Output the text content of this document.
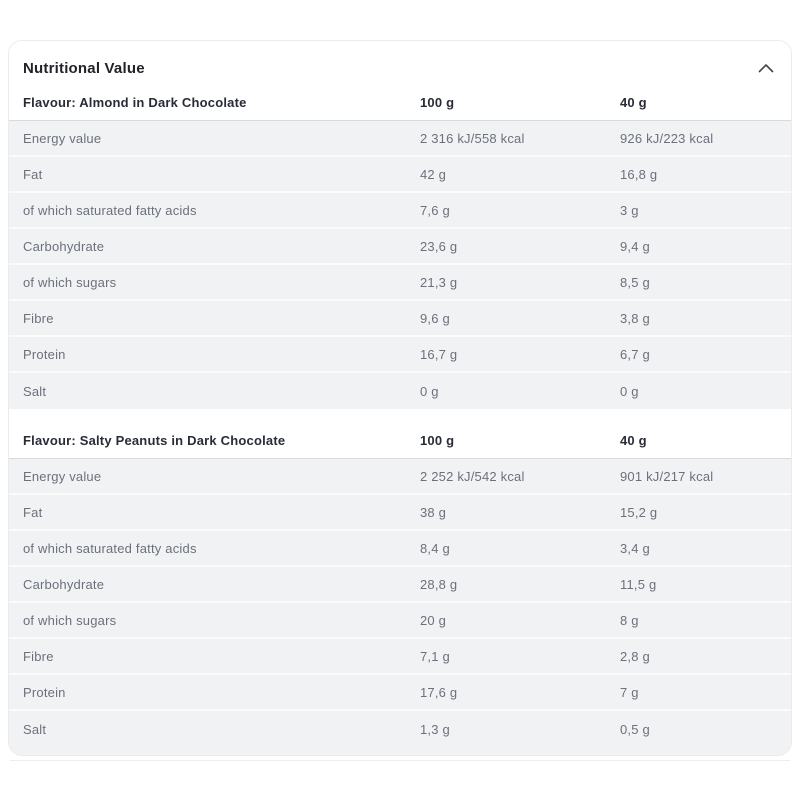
Nutritional Value
Flavour: Almond in Dark Chocolate	100 g	40 g
Energy value	2 316 kJ/558 kcal	926 kJ/223 kcal
Fat	42 g	16,8 g
of which saturated fatty acids	7,6 g	3 g
Carbohydrate	23,6 g	9,4 g
of which sugars	21,3 g	8,5 g
Fibre	9,6 g	3,8 g
Protein	16,7 g	6,7 g
Salt	0 g	0 g
Flavour: Salty Peanuts in Dark Chocolate	100 g	40 g
Energy value	2 252 kJ/542 kcal	901 kJ/217 kcal
Fat	38 g	15,2 g
of which saturated fatty acids	8,4 g	3,4 g
Carbohydrate	28,8 g	11,5 g
of which sugars	20 g	8 g
Fibre	7,1 g	2,8 g
Protein	17,6 g	7 g
Salt	1,3 g	0,5 g
